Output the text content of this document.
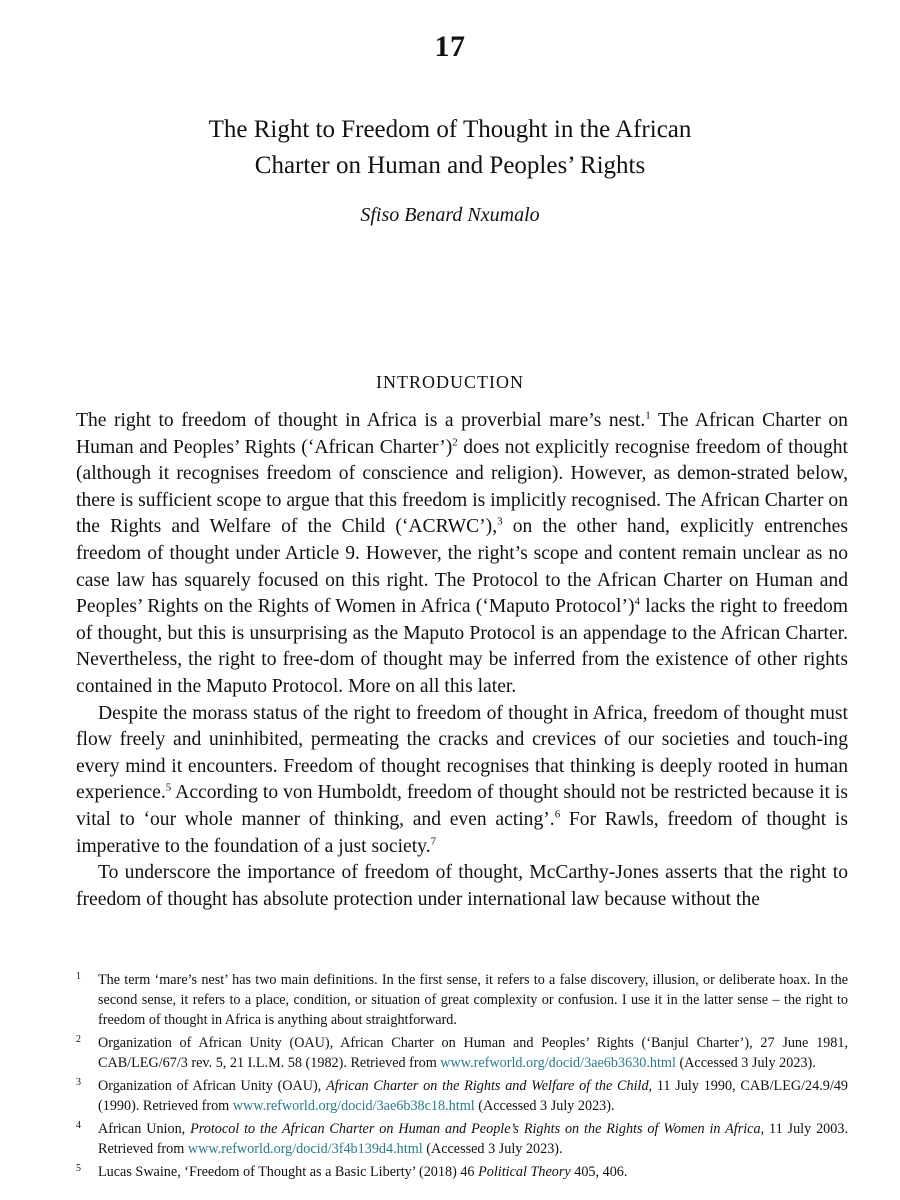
17
The Right to Freedom of Thought in the African
Charter on Human and Peoples’ Rights
Sfiso Benard Nxumalo
INTRODUCTION

The right to freedom of thought in Africa is a proverbial mare’s nest.$^1$ The African Charter on Human and Peoples’ Rights (‘African Charter’)$^2$ does not explicitly recognise freedom of thought (although it recognises freedom of conscience and religion). However, as demon-strated below, there is sufficient scope to argue that this freedom is implicitly recognised. The African Charter on the Rights and Welfare of the Child (‘ACRWC’),$^3$ on the other hand, explicitly entrenches freedom of thought under Article 9. However, the right’s scope and content remain unclear as no case law has squarely focused on this right. The Protocol to the African Charter on Human and Peoples’ Rights on the Rights of Women in Africa (‘Maputo Protocol’)$^4$ lacks the right to freedom of thought, but this is unsurprising as the Maputo Protocol is an appendage to the African Charter. Nevertheless, the right to free-dom of thought may be inferred from the existence of other rights contained in the Maputo Protocol. More on all this later.

Despite the morass status of the right to freedom of thought in Africa, freedom of thought must flow freely and uninhibited, permeating the cracks and crevices of our societies and touch-ing every mind it encounters. Freedom of thought recognises that thinking is deeply rooted in human experience.$^5$ According to von Humboldt, freedom of thought should not be restricted because it is vital to ‘our whole manner of thinking, and even acting’.$^6$ For Rawls, freedom of thought is imperative to the foundation of a just society.$^7$

To underscore the importance of freedom of thought, McCarthy-Jones asserts that the right to freedom of thought has absolute protection under international law because without the

1 The term ‘mare’s nest’ has two main definitions. In the first sense, it refers to a false discovery, illusion, or deliberate hoax. In the second sense, it refers to a place, condition, or situation of great complexity or confusion. I use it in the latter sense – the right to freedom of thought in Africa is anything about straightforward.

2 Organization of African Unity (OAU), African Charter on Human and Peoples’ Rights (‘Banjul Charter’), 27 June 1981, CAB/LEG/67/3 rev. 5, 21 I.L.M. 58 (1982). Retrieved from www.refworld.org/docid/3ae6b3630.html (Accessed 3 July 2023).

3 Organization of African Unity (OAU), African Charter on the Rights and Welfare of the Child, 11 July 1990, CAB/LEG/24.9/49 (1990). Retrieved from www.refworld.org/docid/3ae6b38c18.html (Accessed 3 July 2023).

4 African Union, Protocol to the African Charter on Human and People’s Rights on the Rights of Women in Africa, 11 July 2003. Retrieved from www.refworld.org/docid/3f4b139d4.html (Accessed 3 July 2023).

5 Lucas Swaine, ‘Freedom of Thought as a Basic Liberty’ (2018) 46 Political Theory 405, 406.
